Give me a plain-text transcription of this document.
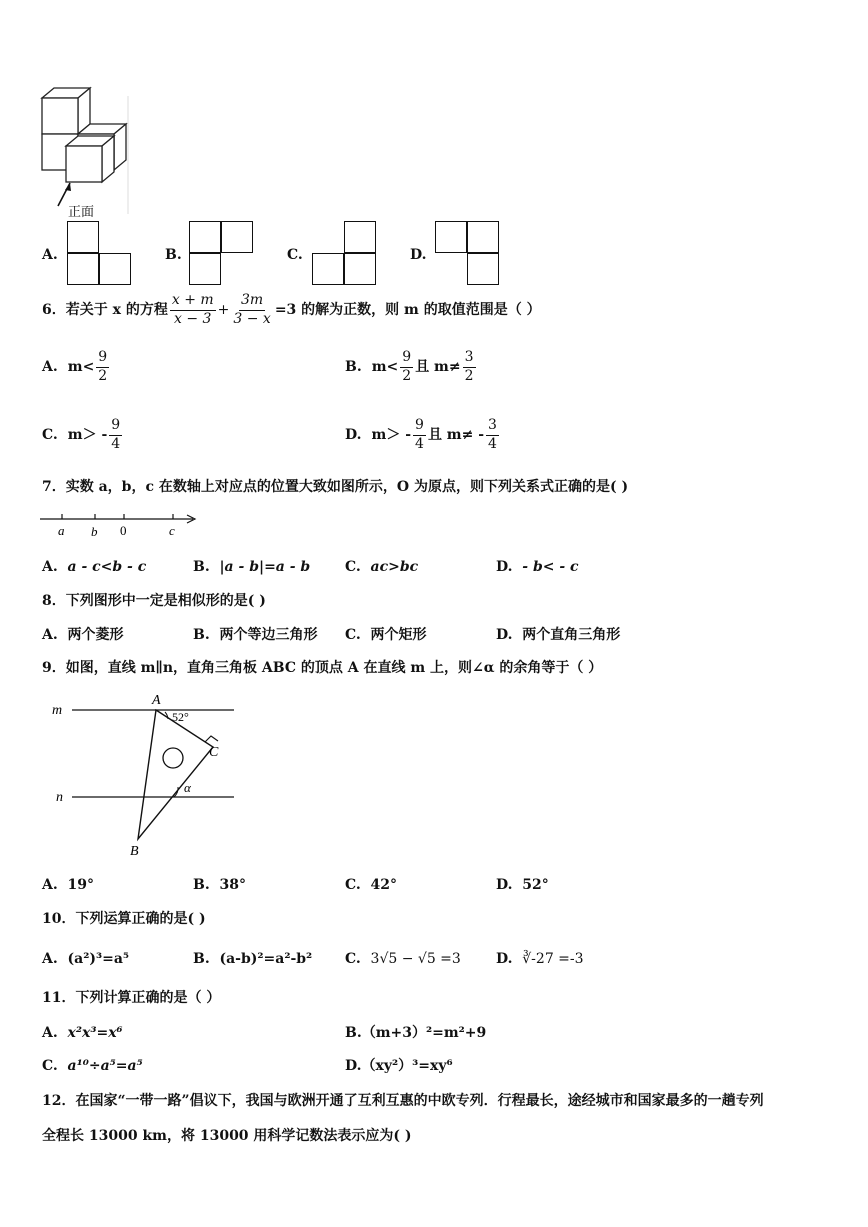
正面
A.	B.	C.	D.
6．若关于 x 的方程 $\frac{x + m}{x - 3} + \frac{3m}{3 - x} =3$ 的解为正数，则 m 的取值范围是（ ）
A. $m< \frac{9}{2}$	B. $m< \frac{9}{2}$ 且 $m\ne \frac{3}{2}$
C. $m> - \frac{9}{4}$	D. $m> - \frac{9}{4}$ 且 $m\ne - \frac{3}{4}$
7．实数 a，b，c 在数轴上对应点的位置大致如图所示，O 为原点，则下列关系式正确的是( )
a b 0	c
A. a - c<b - c	B. |a - b|=a - b C. ac>bc	D. - b< - c
8．下列图形中一定是相似形的是( )
A. 两个菱形	B. 两个等边三角形 C. 两个矩形	D. 两个直角三角形
9．如图，直线 m∥n，直角三角板 ABC 的顶点 A 在直线 m 上，则∠α 的余角等于（ ）
m
n
A
B
C
52°
α
A. 19°	B. 38°	C. 42°	D. 52°
10．下列运算正确的是( )
A. (a²)³=a⁵	B. (a-b)²=a²-b² C. 3√5 − √5 =3	D. ∛-27 =-3
11．下列计算正确的是（ ）
A. x²x³=x⁶	B.（m+3）²=m²+9
C. a¹⁰÷a⁵=a⁵	D.（xy²）³=xy⁶
12．在国家“一带一路”倡议下，我国与欧洲开通了互利互惠的中欧专列．行程最长，途经城市和国家最多的一趟专列
全程长 13000 km，将 13000 用科学记数法表示应为( )
